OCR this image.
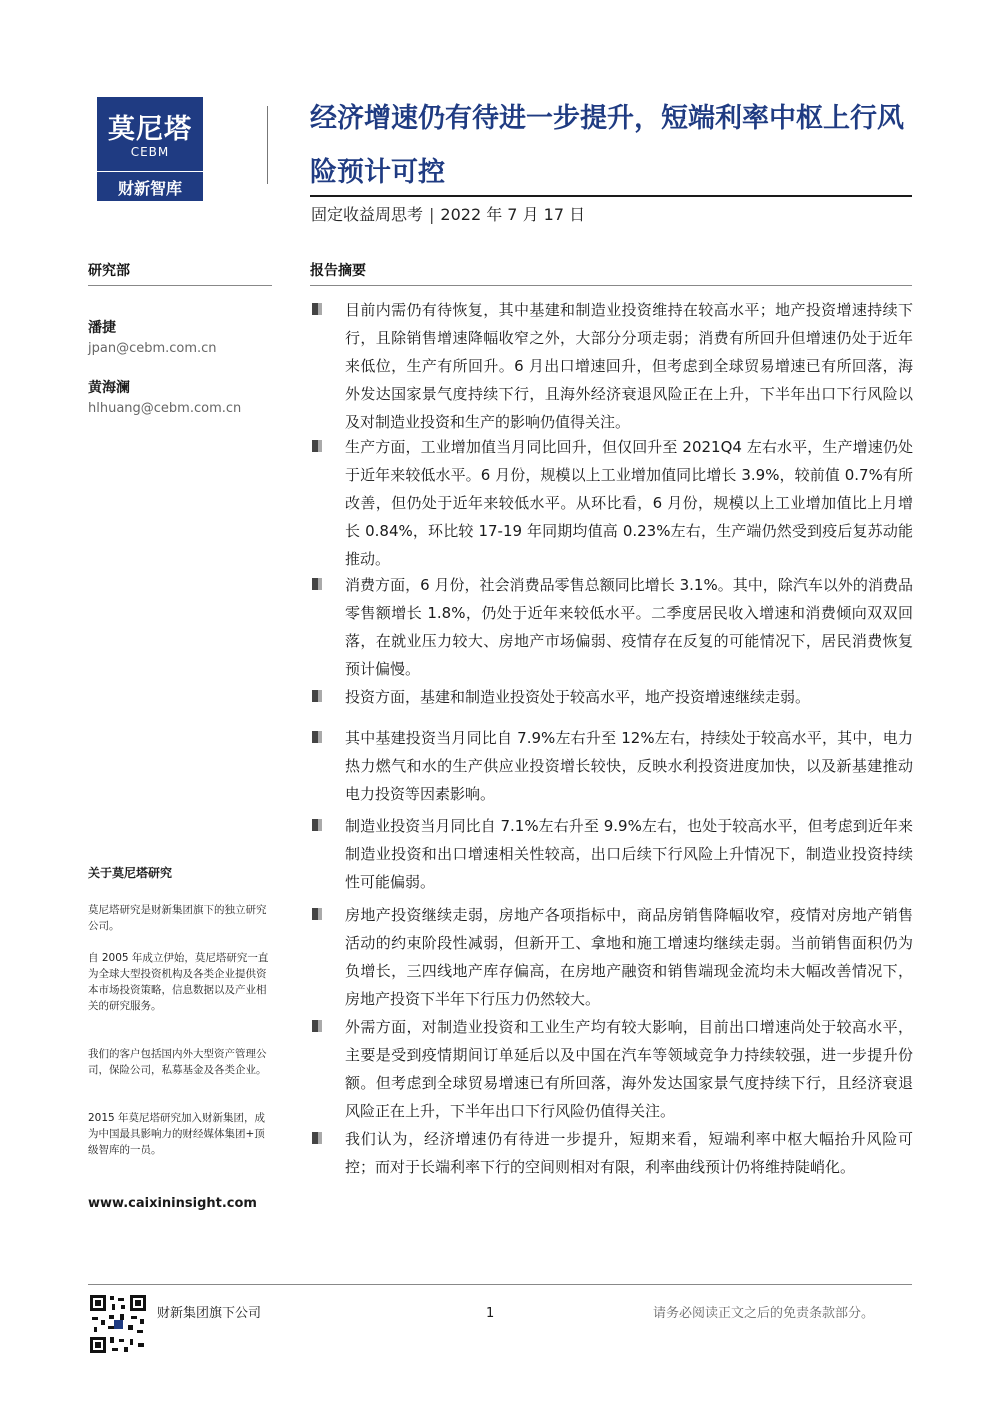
莫尼塔
CEBM
财新智库
经济增速仍有待进一步提升，短端利率中枢上行风险预计可控
固定收益周思考 | 2022 年 7 月 17 日
研究部	报告摘要
潘捷
jpan@cebm.com.cn
黄海澜
hlhuang@cebm.com.cn
关于莫尼塔研究

莫尼塔研究是财新集团旗下的独立研究公司。

自 2005 年成立伊始，莫尼塔研究一直为全球大型投资机构及各类企业提供资本市场投资策略，信息数据以及产业相关的研究服务。

我们的客户包括国内外大型资产管理公司，保险公司，私募基金及各类企业。

2015 年莫尼塔研究加入财新集团，成为中国最具影响力的财经媒体集团+顶级智库的一员。

www.caixininsight.com

目前内需仍有待恢复，其中基建和制造业投资维持在较高水平；地产投资增速持续下行，且除销售增速降幅收窄之外，大部分分项走弱；消费有所回升但增速仍处于近年来低位，生产有所回升。6 月出口增速回升，但考虑到全球贸易增速已有所回落，海外发达国家景气度持续下行，且海外经济衰退风险正在上升，下半年出口下行风险以及对制造业投资和生产的影响仍值得关注。

生产方面，工业增加值当月同比回升，但仅回升至 2021Q4 左右水平，生产增速仍处于近年来较低水平。6 月份，规模以上工业增加值同比增长 3.9%，较前值 0.7%有所改善，但仍处于近年来较低水平。从环比看，6 月份，规模以上工业增加值比上月增长 0.84%，环比较 17-19 年同期均值高 0.23%左右，生产端仍然受到疫后复苏动能推动。

消费方面，6 月份，社会消费品零售总额同比增长 3.1%。其中，除汽车以外的消费品零售额增长 1.8%，仍处于近年来较低水平。二季度居民收入增速和消费倾向双双回落，在就业压力较大、房地产市场偏弱、疫情存在反复的可能情况下，居民消费恢复预计偏慢。

投资方面，基建和制造业投资处于较高水平，地产投资增速继续走弱。

其中基建投资当月同比自 7.9%左右升至 12%左右，持续处于较高水平，其中，电力热力燃气和水的生产供应业投资增长较快，反映水利投资进度加快，以及新基建推动电力投资等因素影响。

制造业投资当月同比自 7.1%左右升至 9.9%左右，也处于较高水平，但考虑到近年来制造业投资和出口增速相关性较高，出口后续下行风险上升情况下，制造业投资持续性可能偏弱。

房地产投资继续走弱，房地产各项指标中，商品房销售降幅收窄，疫情对房地产销售活动的约束阶段性减弱，但新开工、拿地和施工增速均继续走弱。当前销售面积仍为负增长，三四线地产库存偏高，在房地产融资和销售端现金流均未大幅改善情况下，房地产投资下半年下行压力仍然较大。

外需方面，对制造业投资和工业生产均有较大影响，目前出口增速尚处于较高水平，主要是受到疫情期间订单延后以及中国在汽车等领域竞争力持续较强，进一步提升份额。但考虑到全球贸易增速已有所回落，海外发达国家景气度持续下行，且经济衰退风险正在上升，下半年出口下行风险仍值得关注。

我们认为，经济增速仍有待进一步提升，短期来看，短端利率中枢大幅抬升风险可控；而对于长端利率下行的空间则相对有限，利率曲线预计仍将维持陡峭化。

财新集团旗下公司	1	请务必阅读正文之后的免责条款部分。
